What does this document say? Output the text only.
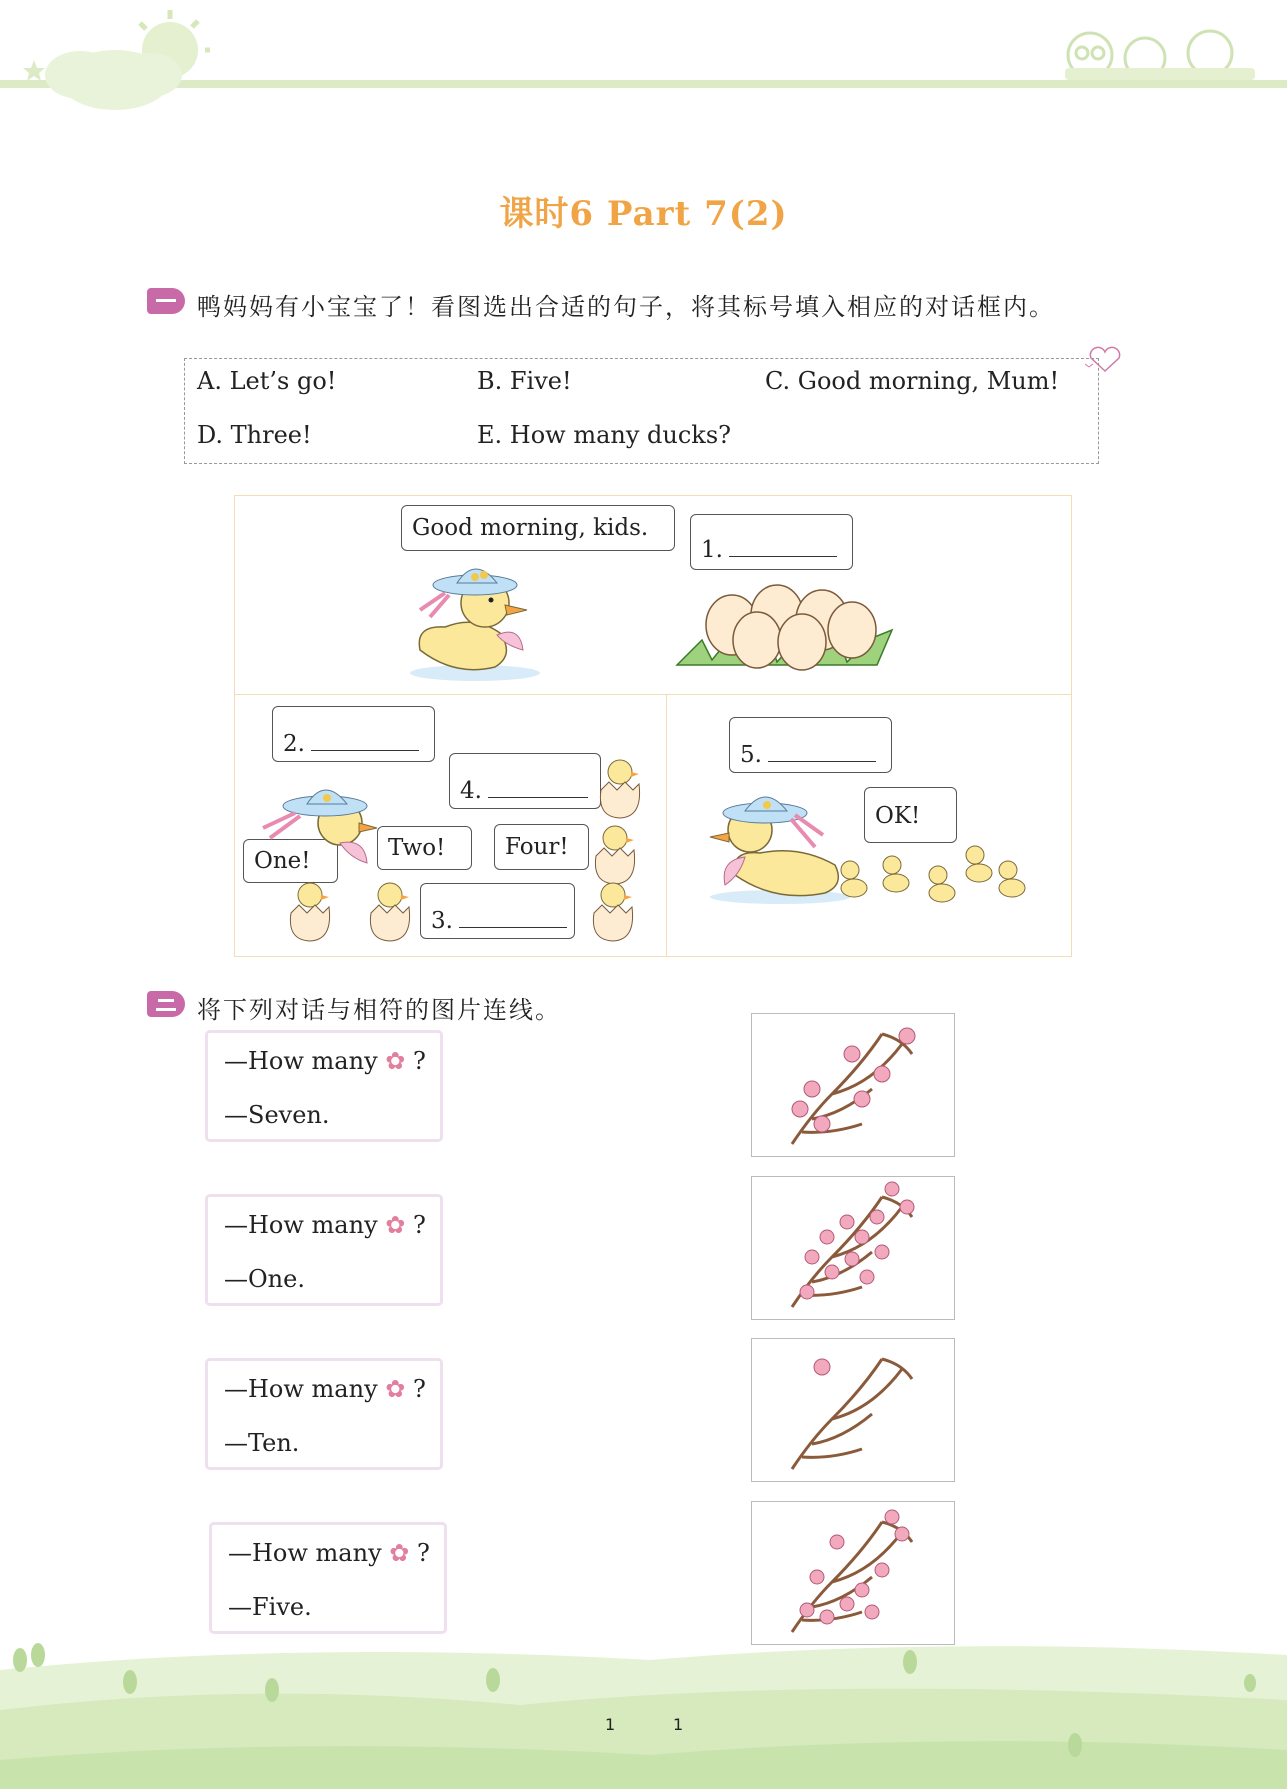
课时6 Part 7(2)
鸭妈妈有小宝宝了！看图选出合适的句子，将其标号填入相应的对话框内。
A. Let’s go!	B. Five!	C. Good morning, Mum!
D. Three!	E. How many ducks?
Good morning, kids.
1.
2.
4.
One!	Two!	Four!
3.
5.
OK!
将下列对话与相符的图片连线。
—How many ✿ ?
—Seven.
—How many ✿ ?
—One.
—How many ✿ ?
—Ten.
—How many ✿ ?
—Five.
1	1
